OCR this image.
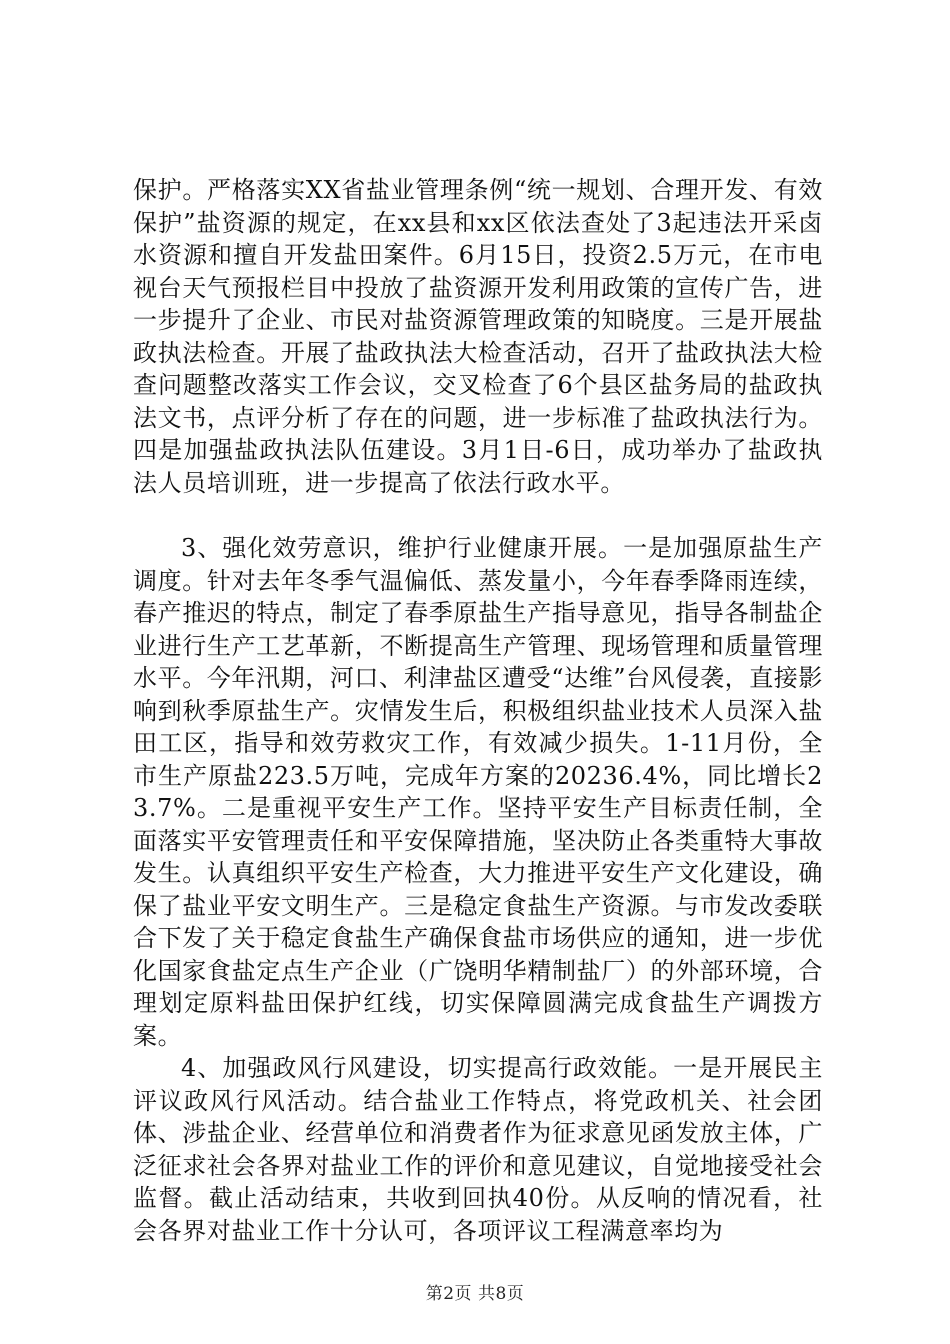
保护。严格落实XX省盐业管理条例“统一规划、合理开发、有效保护”盐资源的规定，在xx县和xx区依法查处了3起违法开采卤水资源和擅自开发盐田案件。6月15日，投资2.5万元，在市电视台天气预报栏目中投放了盐资源开发利用政策的宣传广告，进一步提升了企业、市民对盐资源管理政策的知晓度。三是开展盐政执法检查。开展了盐政执法大检查活动，召开了盐政执法大检查问题整改落实工作会议，交叉检查了6个县区盐务局的盐政执法文书，点评分析了存在的问题，进一步标准了盐政执法行为。四是加强盐政执法队伍建设。3月1日-6日，成功举办了盐政执法人员培训班，进一步提高了依法行政水平。

3、强化效劳意识，维护行业健康开展。一是加强原盐生产调度。针对去年冬季气温偏低、蒸发量小，今年春季降雨连续，春产推迟的特点，制定了春季原盐生产指导意见，指导各制盐企业进行生产工艺革新，不断提高生产管理、现场管理和质量管理水平。今年汛期，河口、利津盐区遭受“达维”台风侵袭，直接影响到秋季原盐生产。灾情发生后，积极组织盐业技术人员深入盐田工区，指导和效劳救灾工作，有效减少损失。1-11月份，全市生产原盐223.5万吨，完成年方案的20236.4%，同比增长23.7%。二是重视平安生产工作。坚持平安生产目标责任制，全面落实平安管理责任和平安保障措施，坚决防止各类重特大事故发生。认真组织平安生产检查，大力推进平安生产文化建设，确保了盐业平安文明生产。三是稳定食盐生产资源。与市发改委联合下发了关于稳定食盐生产确保食盐市场供应的通知，进一步优化国家食盐定点生产企业（广饶明华精制盐厂）的外部环境，合理划定原料盐田保护红线，切实保障圆满完成食盐生产调拨方案。

4、加强政风行风建设，切实提高行政效能。一是开展民主评议政风行风活动。结合盐业工作特点，将党政机关、社会团体、涉盐企业、经营单位和消费者作为征求意见函发放主体，广泛征求社会各界对盐业工作的评价和意见建议，自觉地接受社会监督。截止活动结束，共收到回执40份。从反响的情况看，社会各界对盐业工作十分认可，各项评议工程满意率均为

第2页 共8页
